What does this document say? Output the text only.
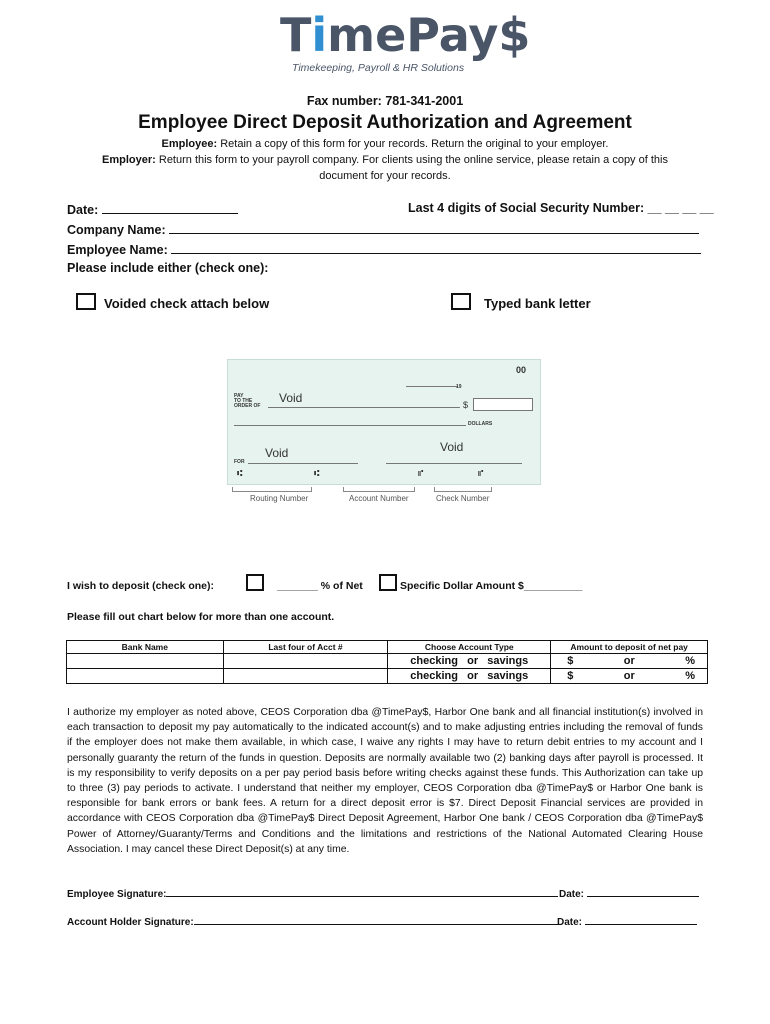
TimePay$
Timekeeping, Payroll & HR Solutions
Fax number: 781-341-2001
Employee Direct Deposit Authorization and Agreement
Employee: Retain a copy of this form for your records. Return the original to your employer.
Employer: Return this form to your payroll company. For clients using the online service, please retain a copy of this document for your records.
Date:	Last 4 digits of Social Security Number: __ __ __ __
Company Name:
Employee Name:
Please include either (check one):
Voided check attach below	Typed bank letter
00
19
PAY
TO THE
ORDER OF
Void	$
DOLLARS
Void
Void
FOR
⑆	⑆	⑈	⑈
Routing Number	Account Number	Check Number
I wish to deposit (check one):	_______ % of Net	Specific Dollar Amount $__________
Please fill out chart below for more than one account.
Bank Name	Last four of Acct #	Choose Account Type	Amount to deposit of net pay

		checking or savings	$ or %

		checking or savings	$ or %
I authorize my employer as noted above, CEOS Corporation dba @TimePay$, Harbor One bank and all financial institution(s) involved in each transaction to deposit my pay automatically to the indicated account(s) and to make adjusting entries including the removal of funds if the employer does not make them available, in which case, I waive any rights I may have to return debit entries to my account and I personally guaranty the return of the funds in question. Deposits are normally available two (2) banking days after payroll is processed. It is my responsibility to verify deposits on a per pay period basis before writing checks against these funds. This Authorization can take up to three (3) pay periods to activate. I understand that neither my employer, CEOS Corporation dba @TimePay$ or Harbor One bank is responsible for bank errors or bank fees. A return for a direct deposit error is $7. Direct Deposit Financial services are provided in accordance with CEOS Corporation dba @TimePay$ Direct Deposit Agreement, Harbor One bank / CEOS Corporation dba @TimePay$ Power of Attorney/Guaranty/Terms and Conditions and the limitations and restrictions of the National Automated Clearing House Association. I may cancel these Direct Deposit(s) at any time.
Employee Signature:	Date:
Account Holder Signature:	Date:
